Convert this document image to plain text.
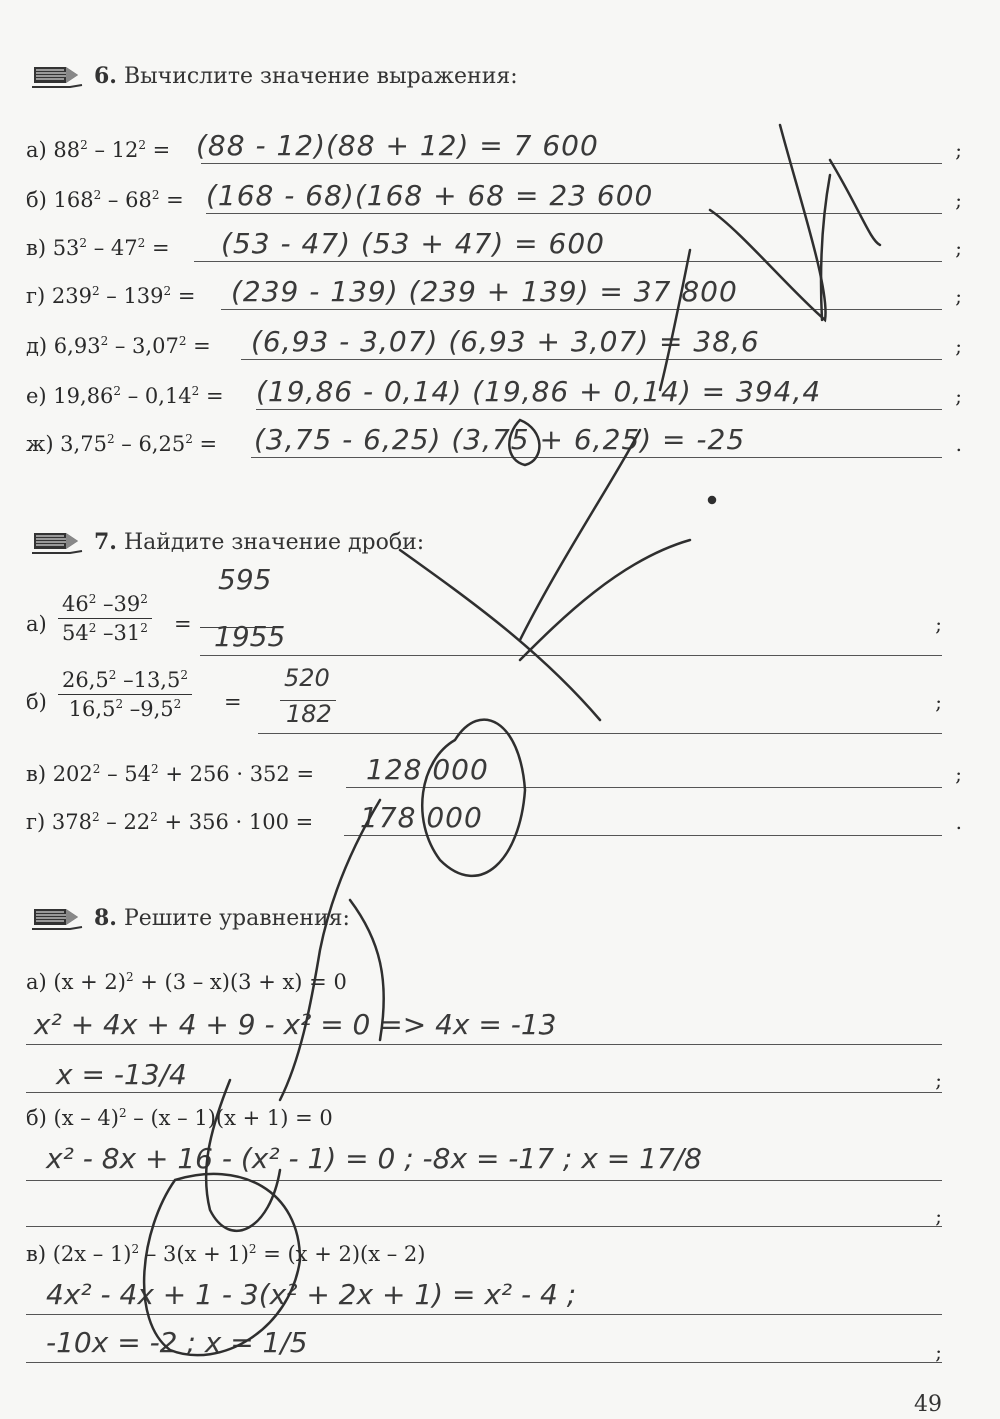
6. Вычислите значение выражения:
а) $88^2 - 12^2 = (88 - 12)(88 + 12) = 7$ 600	;
б) $168^2 - 68^2 = (168 - 68)(168 + 68 = 23$ 600	;
в) $53^2 - 47^2 = (53 - 47) (53 + 47) = 600$	;
г) $239^2 - 139^2 = (239 - 139) (239 + 139) = 37$ 800	;
д) $6,93^2 - 3,07^2 = (6,93 - 3,07) (6,93 + 3,07) = 38,6$	;
е) $19,86^2 - 0,14^2 = (19,86 - 0,14) (19,86 + 0,14) = 394,4$	;
ж) $3,75^2 - 6,25^2 = (3,75 - 6,25) (3,75 + 6,25) = -25$	.
7. Найдите значение дроби:
$а) \frac{46^2 -39^2}{54^2 -31^2}$ =
595
1955	;
$б) \frac{26,5^2 -13,5^2}{16,5^2 -9,5^2}$ =
520
182	;
в) $202^2 - 54^2 + 256 \cdot 352 = 128$ 000	;
г) $378^2 - 22^2 + 356 \cdot 100 = 178$ 000	.
8. Решите уравнения:
а) $(x + 2)^2 + (3 - x)(3 + x) = 0$
x² + 4x + 4 + 9 - x² = 0 => 4x = -13
x = -13/4	;
б) (x – 4)$^2$ – (x – 1)(x + 1) = 0
x² - 8x + 16 - (x² - 1) = 0 ; -8x = -17 ; x = 17/8
;
в) $(2x - 1)^2 - 3(x + 1)^2 = (x + 2)(x - 2)$
4x² - 4x + 1 - 3(x² + 2x + 1) = x² - 4 ;
-10x = -2 ; x = 1/5	;
49
